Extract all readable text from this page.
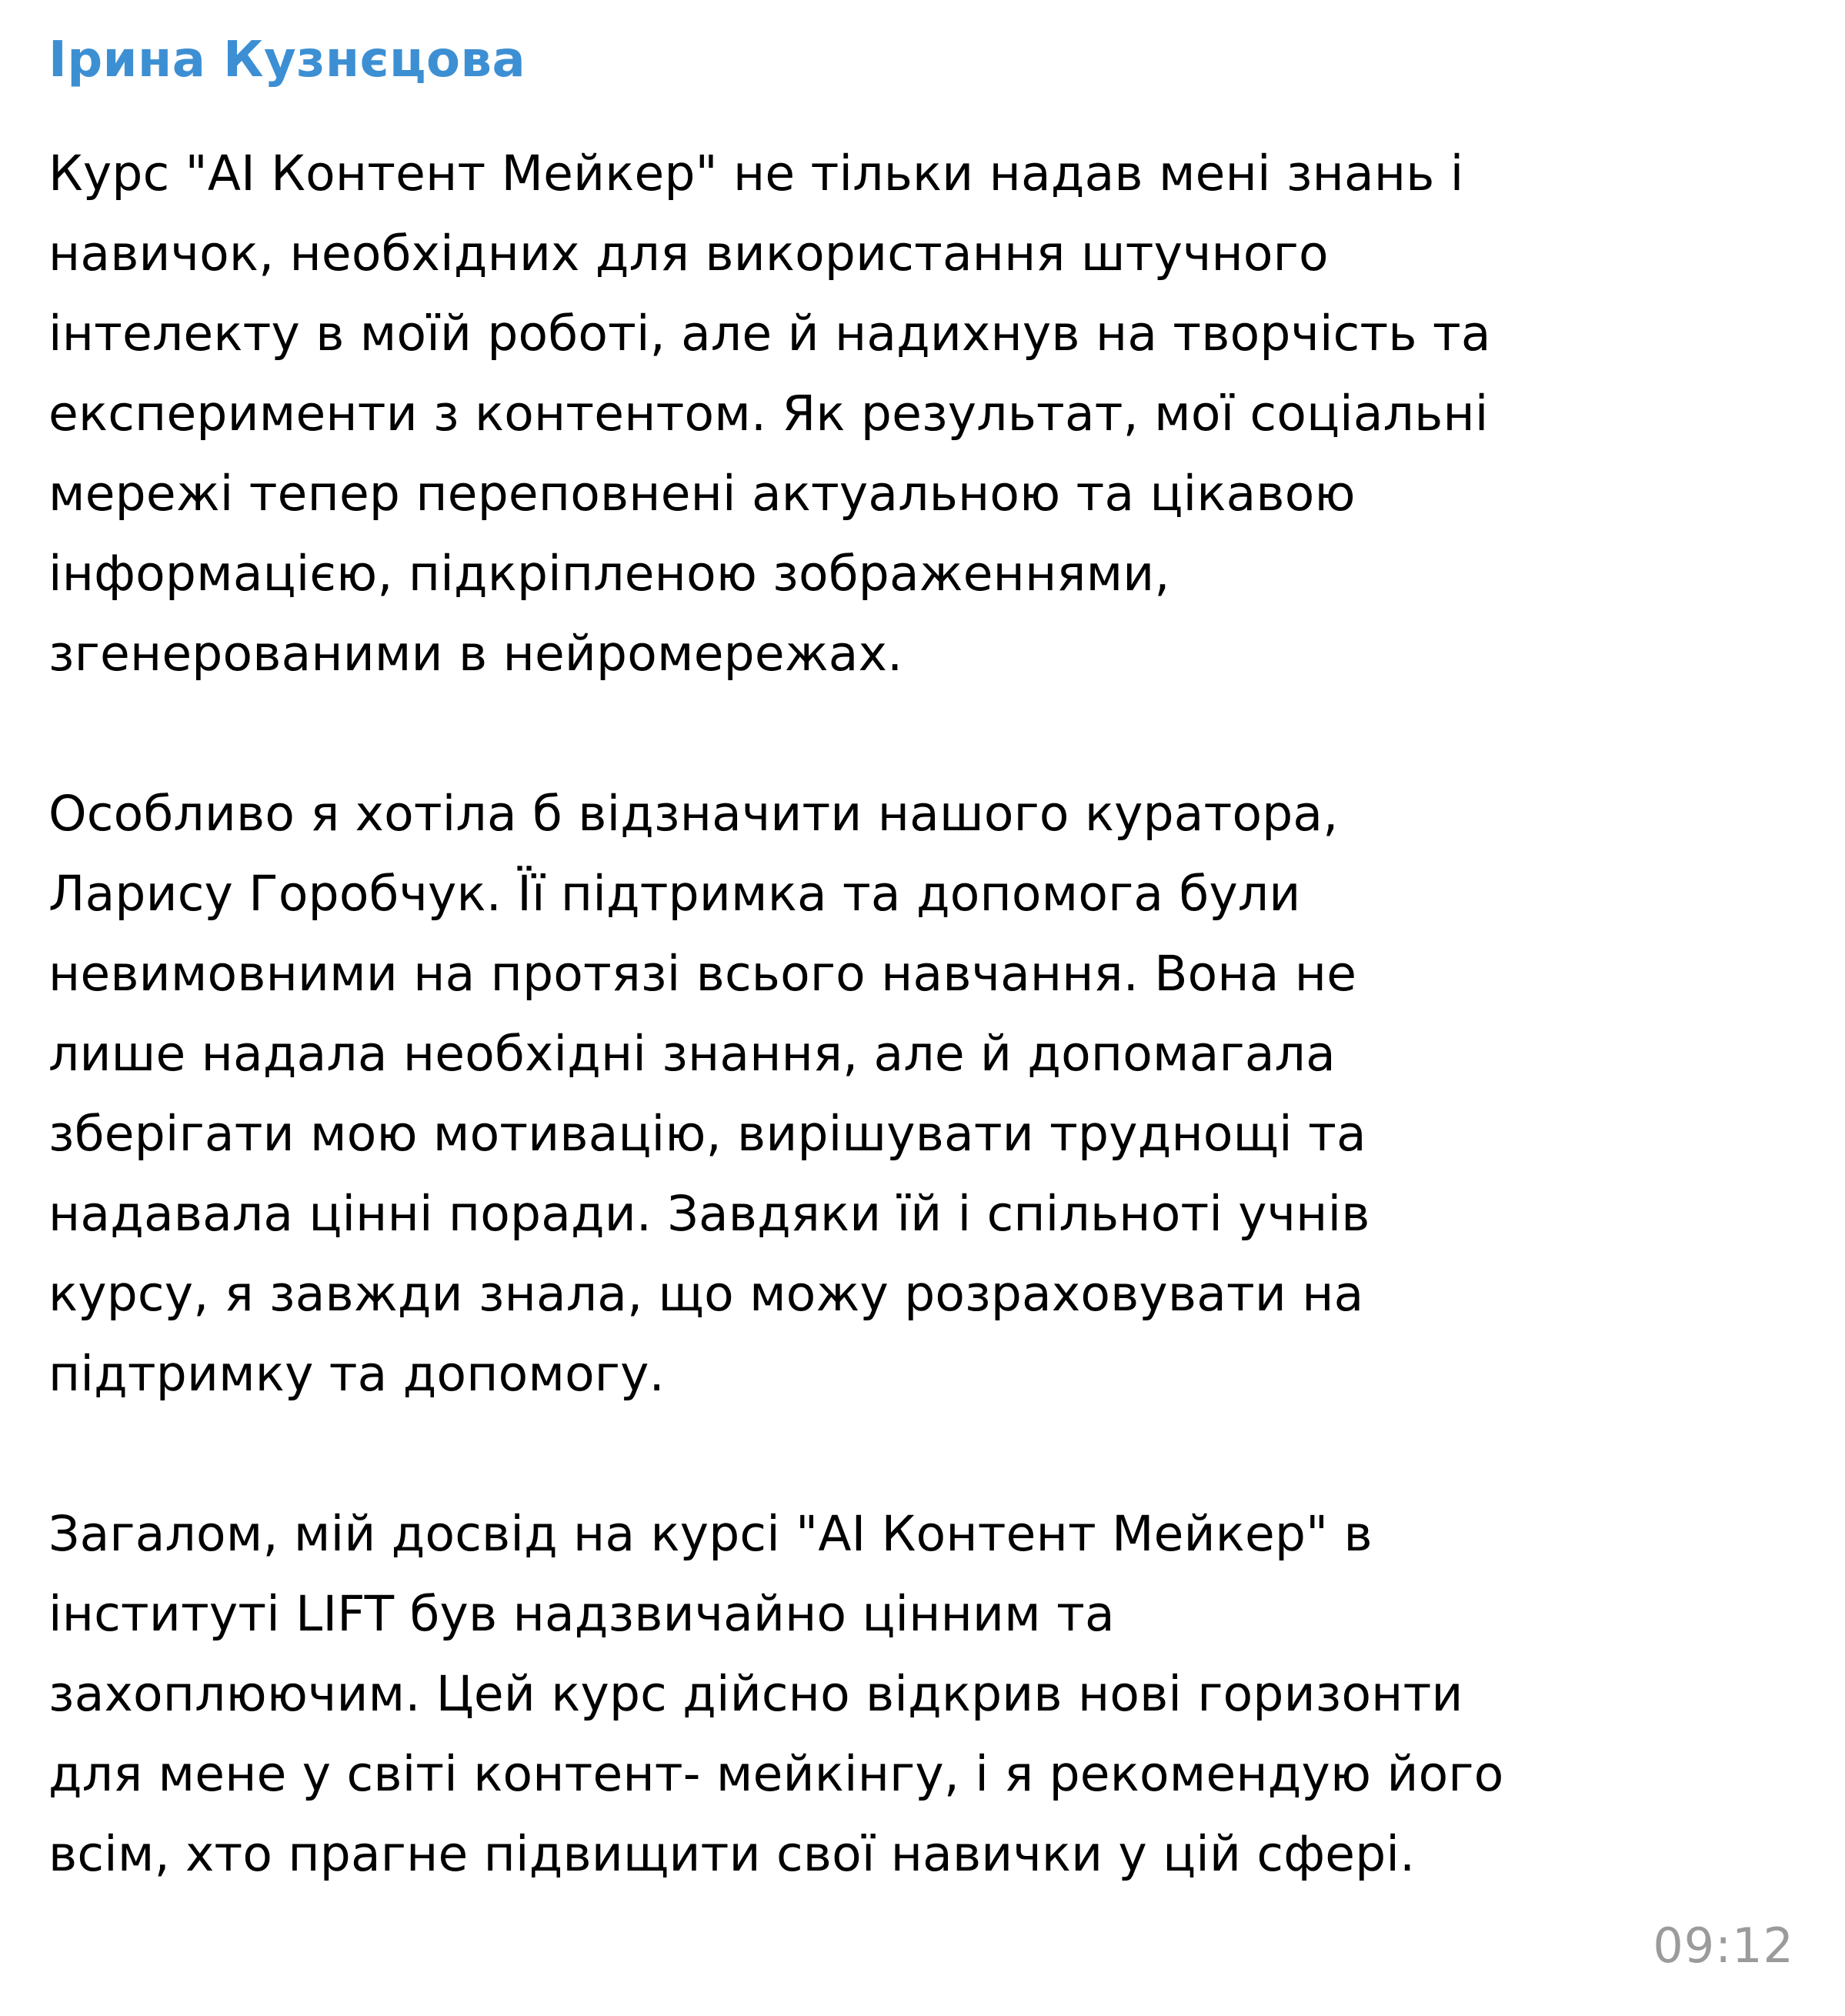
Ірина Кузнєцова
Курс "АІ Контент Мейкер" не тільки надав мені знань і
навичок, необхідних для використання штучного
інтелекту в моїй роботі, але й надихнув на творчість та
експерименти з контентом. Як результат, мої соціальні
мережі тепер переповнені актуальною та цікавою
інформацією, підкріпленою зображеннями,
згенерованими в нейромережах.
Особливо я хотіла б відзначити нашого куратора,
Ларису Горобчук. Її підтримка та допомога були
невимовними на протязі всього навчання. Вона не
лише надала необхідні знання, але й допомагала
зберігати мою мотивацію, вирішувати труднощі та
надавала цінні поради. Завдяки їй і спільноті учнів
курсу, я завжди знала, що можу розраховувати на
підтримку та допомогу.
Загалом, мій досвід на курсі "АІ Контент Мейкер" в
інституті LIFT був надзвичайно цінним та
захоплюючим. Цей курс дійсно відкрив нові горизонти
для мене у світі контент- мейкінгу, і я рекомендую його
всім, хто прагне підвищити свої навички у цій сфері.
09:12
